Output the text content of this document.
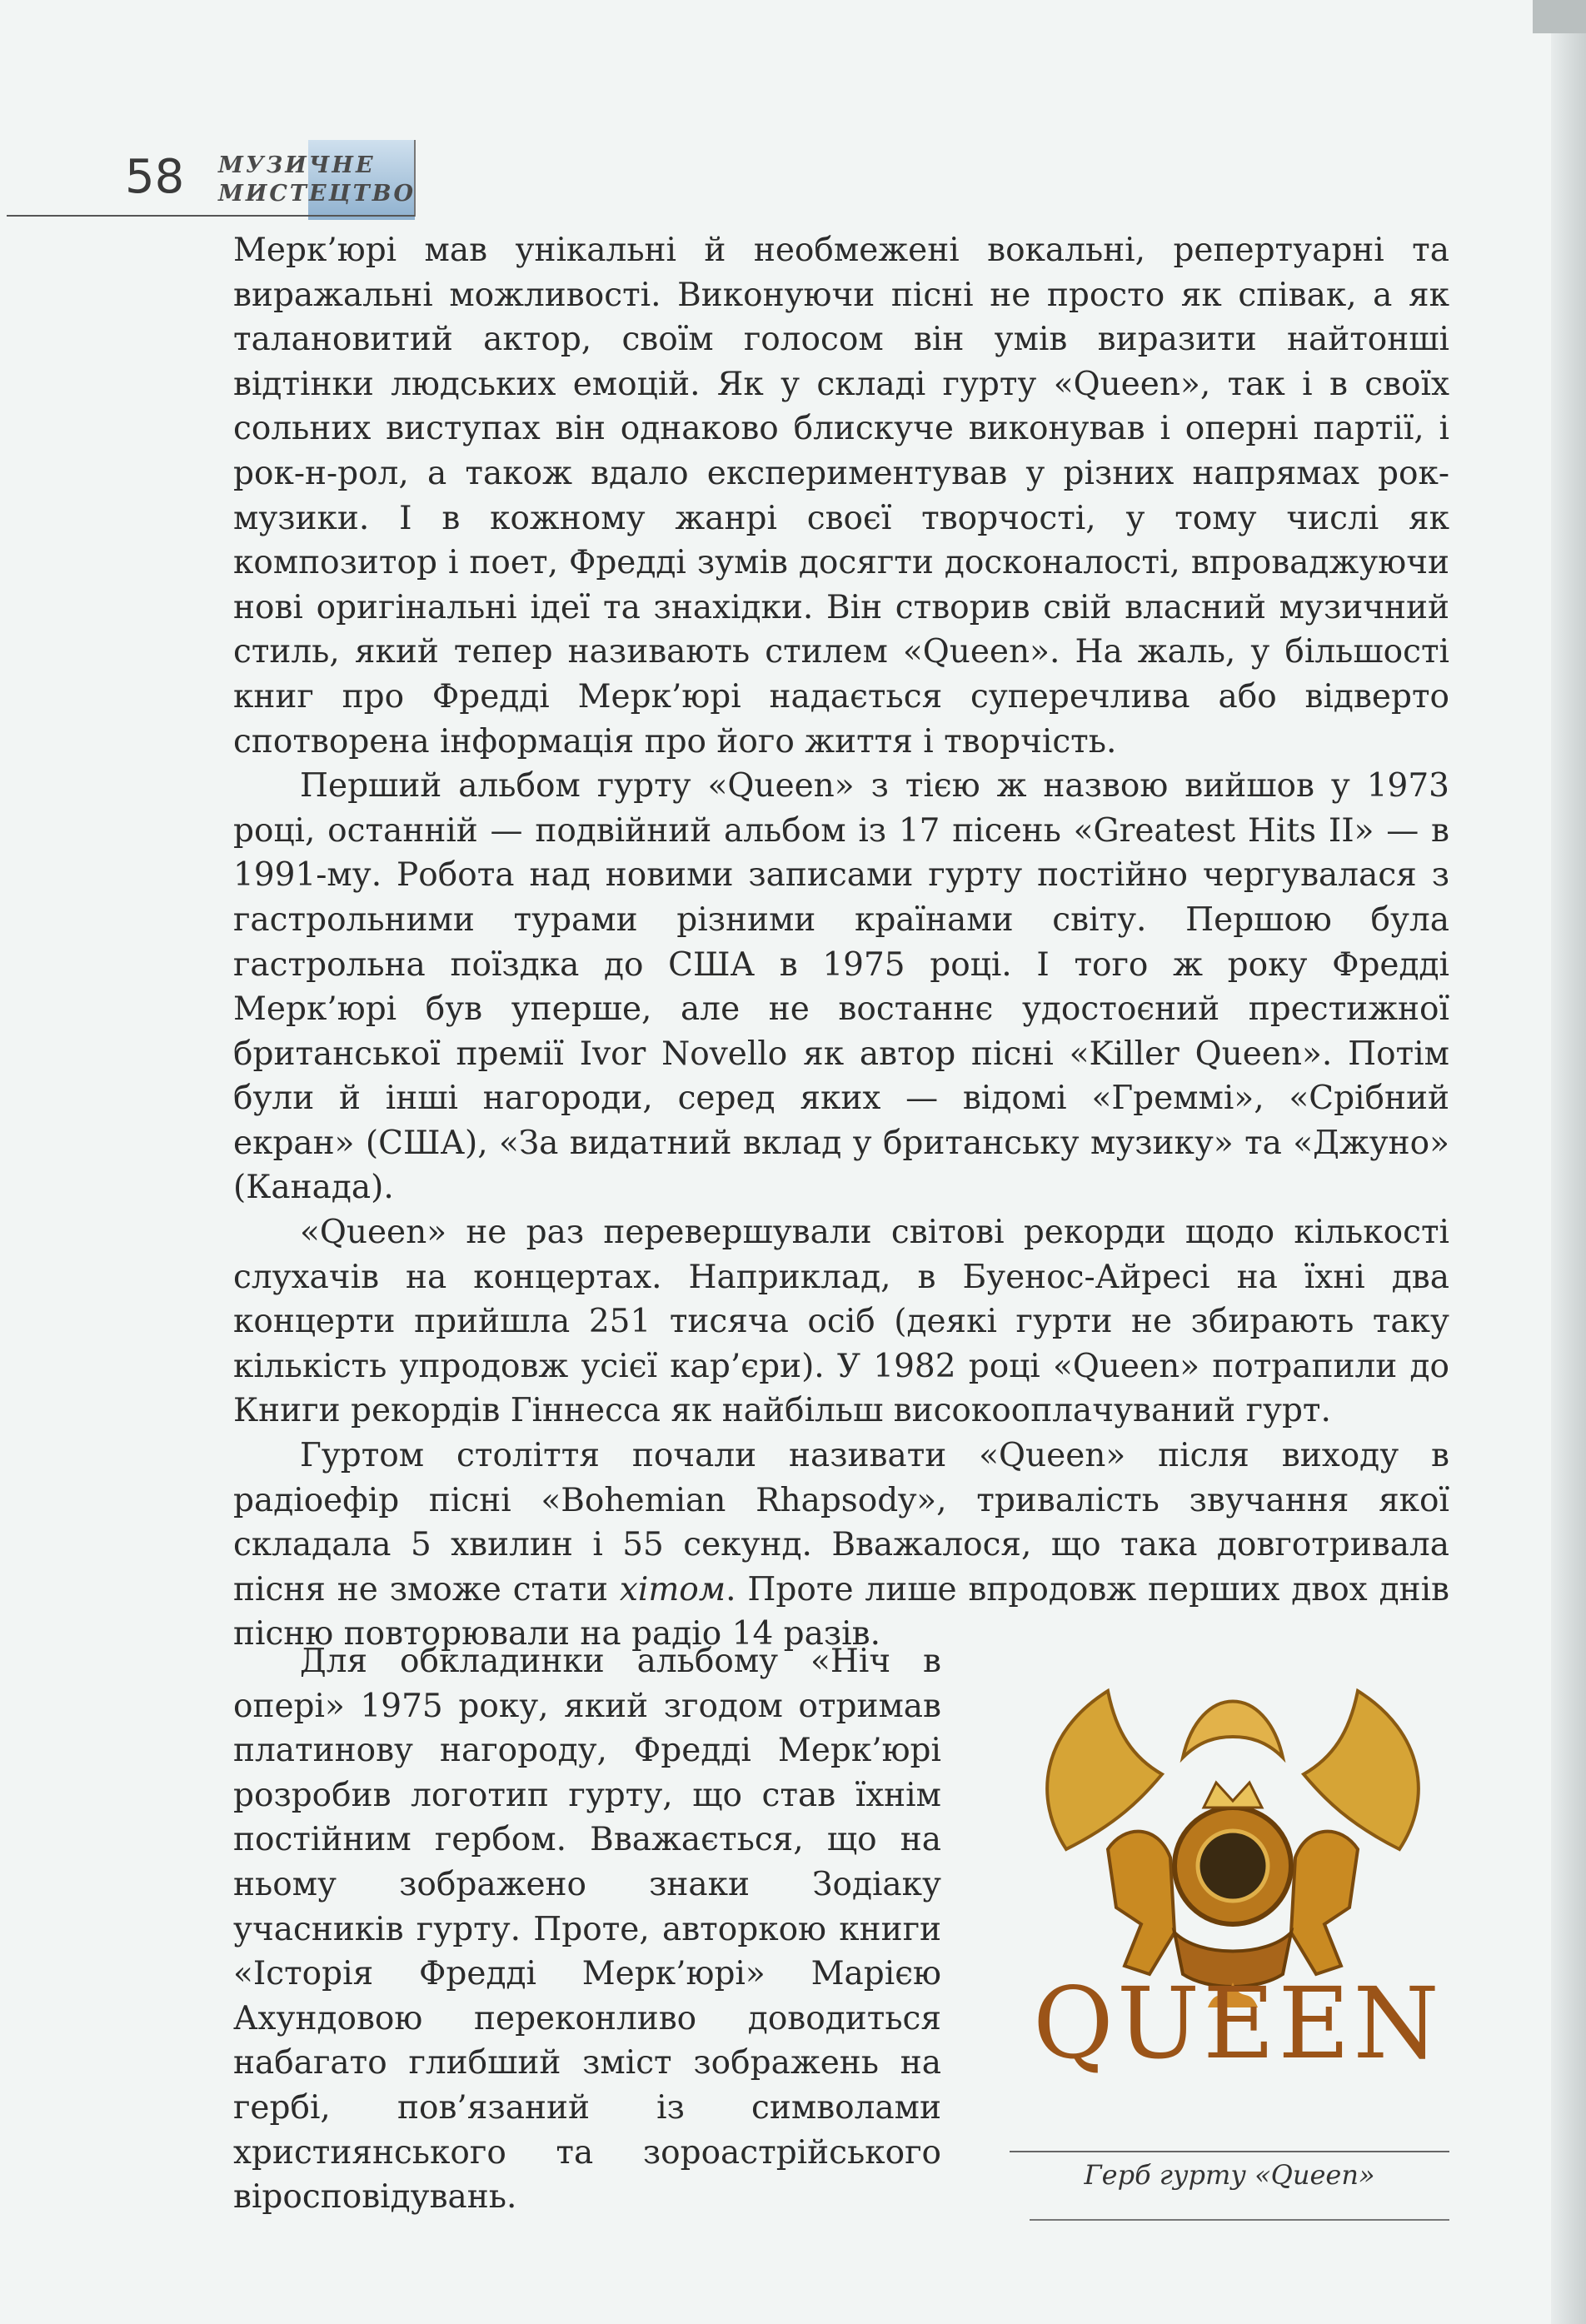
58 МУЗИЧНЕ
МИСТЕЦТВО

Мерк’юрі мав унікальні й необмежені вокальні, репертуарні та виражальні можливості. Виконуючи пісні не просто як співак, а як талановитий актор, своїм голосом він умів виразити найтонші відтінки людських емоцій. Як у складі гурту «Queen», так і в своїх сольних виступах він однаково блискуче виконував і оперні партії, і рок-н-рол, а також вдало експериментував у різних напрямах рок-музики. І в кожному жанрі своєї творчості, у тому числі як композитор і поет, Фредді зумів досягти досконалості, впроваджуючи нові оригінальні ідеї та знахідки. Він створив свій власний музичний стиль, який тепер називають стилем «Queen». На жаль, у більшості книг про Фредді Мерк’юрі надається суперечлива або відверто спотворена інформація про його життя і творчість.

Перший альбом гурту «Queen» з тією ж назвою вийшов у 1973 році, останній — подвійний альбом із 17 пісень «Greatest Hits II» — в 1991-му. Робота над новими записами гурту постійно чергувалася з гастрольними турами різними країнами світу. Першою була гастрольна поїздка до США в 1975 році. І того ж року Фредді Мерк’юрі був уперше, але не востаннє удостоєний престижної британської премії Ivor Novello як автор пісні «Killer Queen». Потім були й інші нагороди, серед яких — відомі «Греммі», «Срібний екран» (США), «За видатний вклад у британську музику» та «Джуно» (Канада).

«Queen» не раз перевершували світові рекорди щодо кількості слухачів на концертах. Наприклад, в Буенос-Айресі на їхні два концерти прийшла 251 тисяча осіб (деякі гурти не збирають таку кількість упродовж усієї кар’єри). У 1982 році «Queen» потрапили до Книги рекордів Гіннесса як найбільш високооплачуваний гурт.

Гуртом століття почали називати «Queen» після виходу в радіоефір пісні «Bohemian Rhapsody», тривалість звучання якої складала 5 хвилин і 55 секунд. Вважалося, що така довготривала пісня не зможе стати хітом. Проте лише впродовж перших двох днів пісню повторювали на радіо 14 разів.

Для обкладинки альбому «Ніч в опері» 1975 року, який згодом отримав платинову нагороду, Фредді Мерк’юрі розробив логотип гурту, що став їхнім постійним гербом. Вважається, що на ньому зображено знаки Зодіаку учасників гурту. Проте, авторкою книги «Історія Фредді Мерк’юрі» Марією Ахундовою переконливо доводиться набагато глибший зміст зображень на гербі, пов’язаний із символами християнського та зороастрійського віросповідувань.

QUEEN
Герб гурту «Queen»
